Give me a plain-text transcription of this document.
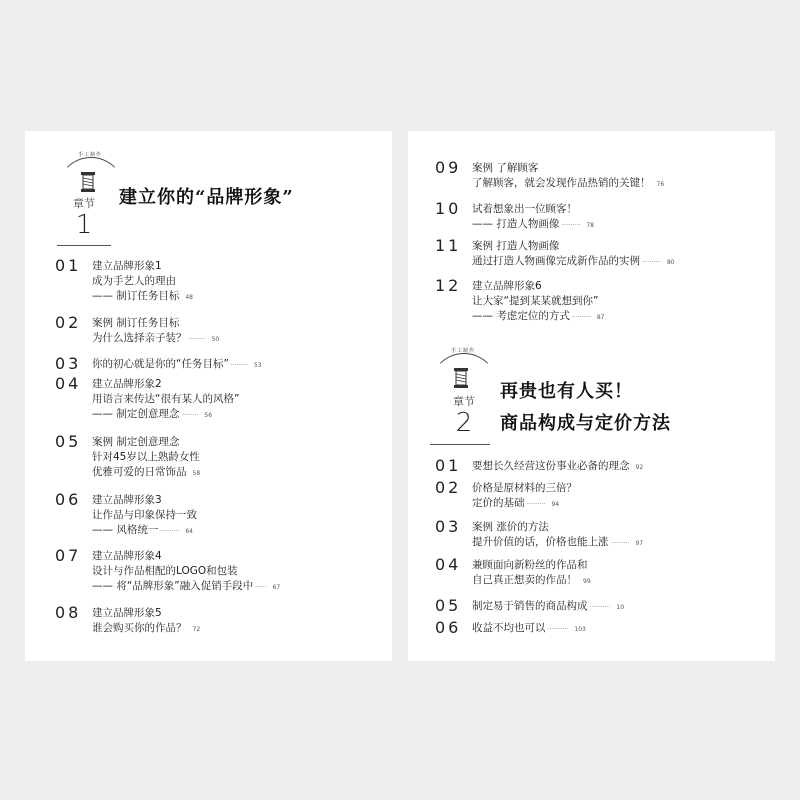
手工制作
章节
1
建立你的“品牌形象”
01 建立品牌形象1
成为手艺人的理由
—— 制订任务目标 48
02 案例 制订任务目标
为什么选择亲子装？ ········· 50
03 你的初心就是你的“任务目标” ········· 53
04 建立品牌形象2
用语言来传达“很有某人的风格”
—— 制定创意理念 ········· 56
05 案例 制定创意理念
针对45岁以上熟龄女性
优雅可爱的日常饰品 58
06 建立品牌形象3
让作品与印象保持一致
—— 风格统一 ·········· 64
07 建立品牌形象4
设计与作品相配的LOGO和包装
—— 将“品牌形象”融入促销手段中 ······ 67
08 建立品牌形象5
谁会购买你的作品？ 72
09 案例 了解顾客
了解顾客，就会发现作品热销的关键！ 76
10 试着想象出一位顾客！
—— 打造人物画像 ·········· 78
11 案例 打造人物画像
通过打造人物画像完成新作品的实例 ·········· 80
12 建立品牌形象6
让大家“提到某某就想到你”
—— 考虑定位的方式 ·········· 87
手工制作
章节
2
再贵也有人买！
商品构成与定价方法
01 要想长久经营这份事业必备的理念 92
02 价格是原材料的三倍？
定价的基础 ·········· 94
03 案例 涨价的方法
提升价值的话，价格也能上涨 ·········· 97
04 兼顾面向新粉丝的作品和
自己真正想卖的作品！ 99
05 制定易于销售的商品构成 ··········· 10
06 收益不均也可以 ··········· 103
